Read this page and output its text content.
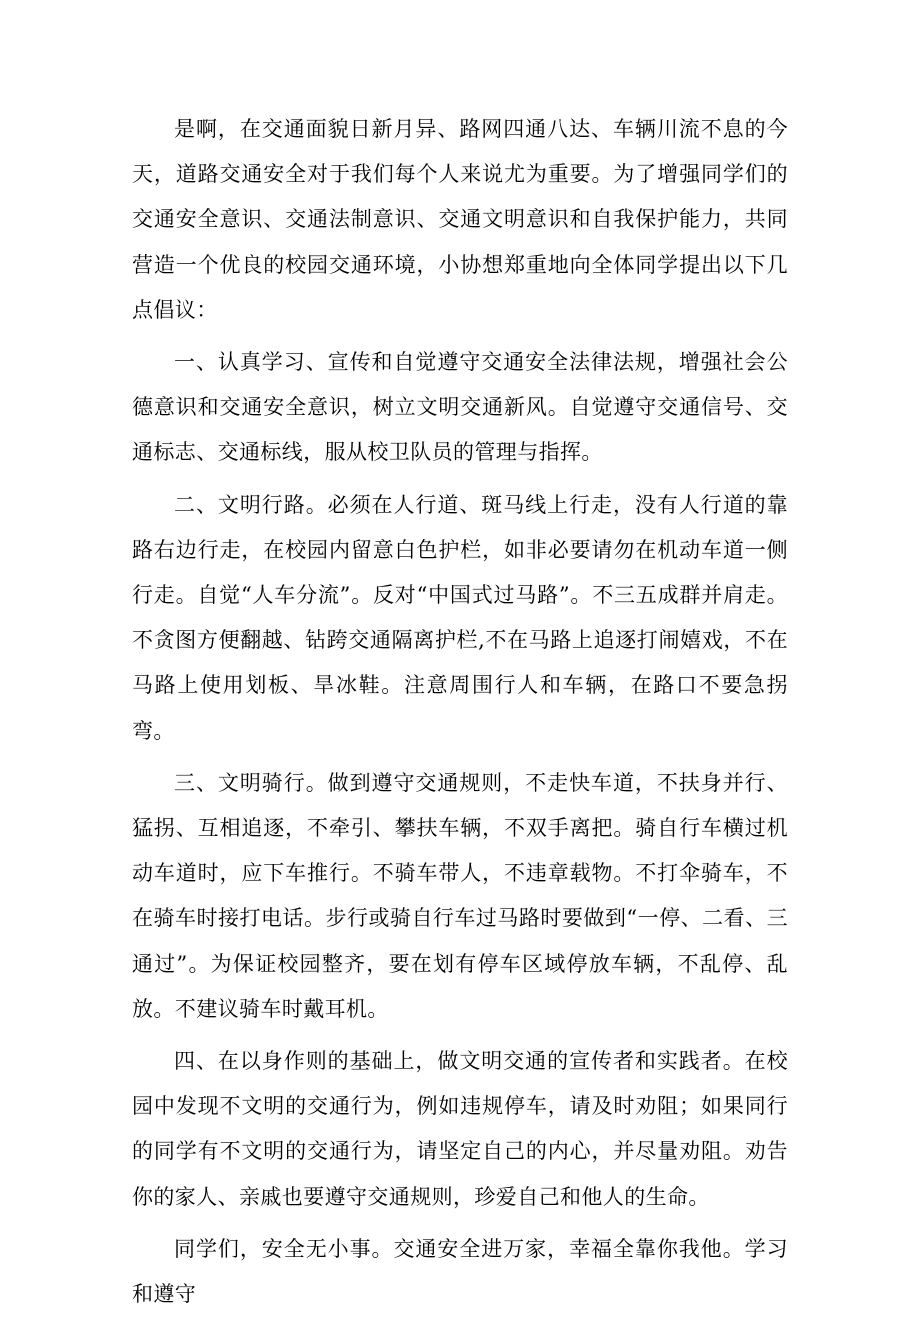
是啊，在交通面貌日新月异、路网四通八达、车辆川流不息的今天，道路交通安全对于我们每个人来说尤为重要。为了增强同学们的交通安全意识、交通法制意识、交通文明意识和自我保护能力，共同营造一个优良的校园交通环境，小协想郑重地向全体同学提出以下几点倡议：

一、认真学习、宣传和自觉遵守交通安全法律法规，增强社会公德意识和交通安全意识，树立文明交通新风。自觉遵守交通信号、交通标志、交通标线，服从校卫队员的管理与指挥。

二、文明行路。必须在人行道、斑马线上行走，没有人行道的靠路右边行走，在校园内留意白色护栏，如非必要请勿在机动车道一侧行走。自觉“人车分流”。反对“中国式过马路”。不三五成群并肩走。不贪图方便翻越、钻跨交通隔离护栏,不在马路上追逐打闹嬉戏，不在马路上使用划板、旱冰鞋。注意周围行人和车辆，在路口不要急拐弯。

三、文明骑行。做到遵守交通规则，不走快车道，不扶身并行、猛拐、互相追逐，不牵引、攀扶车辆，不双手离把。骑自行车横过机动车道时，应下车推行。不骑车带人，不违章载物。不打伞骑车，不在骑车时接打电话。步行或骑自行车过马路时要做到“一停、二看、三通过”。为保证校园整齐，要在划有停车区域停放车辆，不乱停、乱放。不建议骑车时戴耳机。

四、在以身作则的基础上，做文明交通的宣传者和实践者。在校园中发现不文明的交通行为，例如违规停车，请及时劝阻；如果同行的同学有不文明的交通行为，请坚定自己的内心，并尽量劝阻。劝告你的家人、亲戚也要遵守交通规则，珍爱自己和他人的生命。

同学们，安全无小事。交通安全进万家，幸福全靠你我他。学习和遵守
